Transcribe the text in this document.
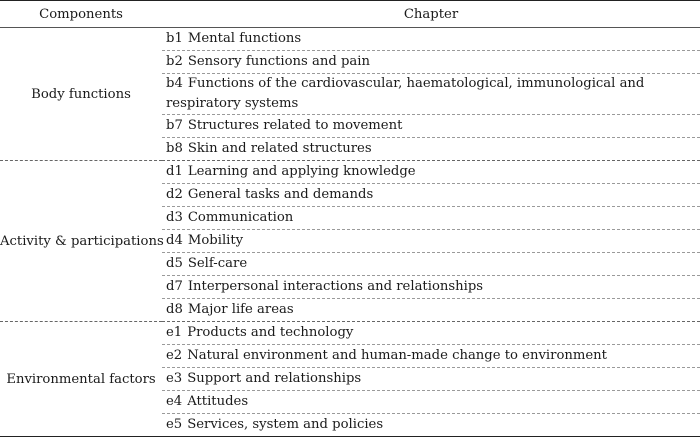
Components	Chapter
Body functions	b1 Mental functions
	b2 Sensory functions and pain
	b4 Functions of the cardiovascular, haematological, immunological and respiratory systems
	b7 Structures related to movement
	b8 Skin and related structures
Activity & participations	d1 Learning and applying knowledge
	d2 General tasks and demands
	d3 Communication
	d4 Mobility
	d5 Self-care
	d7 Interpersonal interactions and relationships
	d8 Major life areas
Environmental factors	e1 Products and technology
	e2 Natural environment and human-made change to environment
	e3 Support and relationships
	e4 Attitudes
	e5 Services, system and policies
